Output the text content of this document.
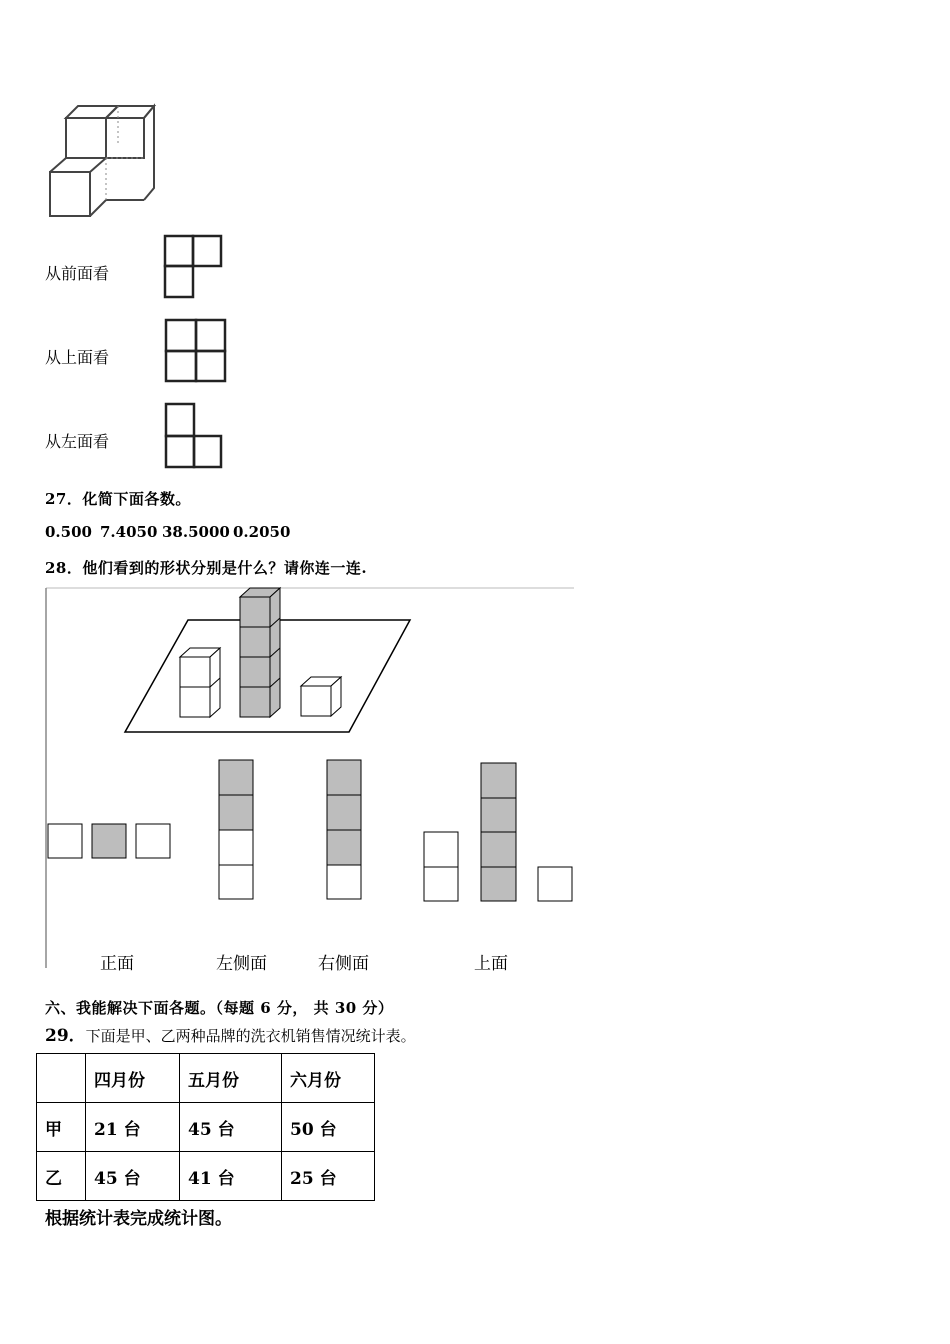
从前面看
从上面看
从左面看
27．化简下面各数。
0.500 7.4050 38.5000 0.2050
28．他们看到的形状分别是什么？请你连一连.
正面	左侧面	右侧面	上面
六、我能解决下面各题。（每题 6 分， 共 30 分）
29．下面是甲、乙两种品牌的洗衣机销售情况统计表。
	四月份	五月份	六月份
甲	21 台	45 台	50 台
乙	45 台	41 台	25 台
根据统计表完成统计图。
